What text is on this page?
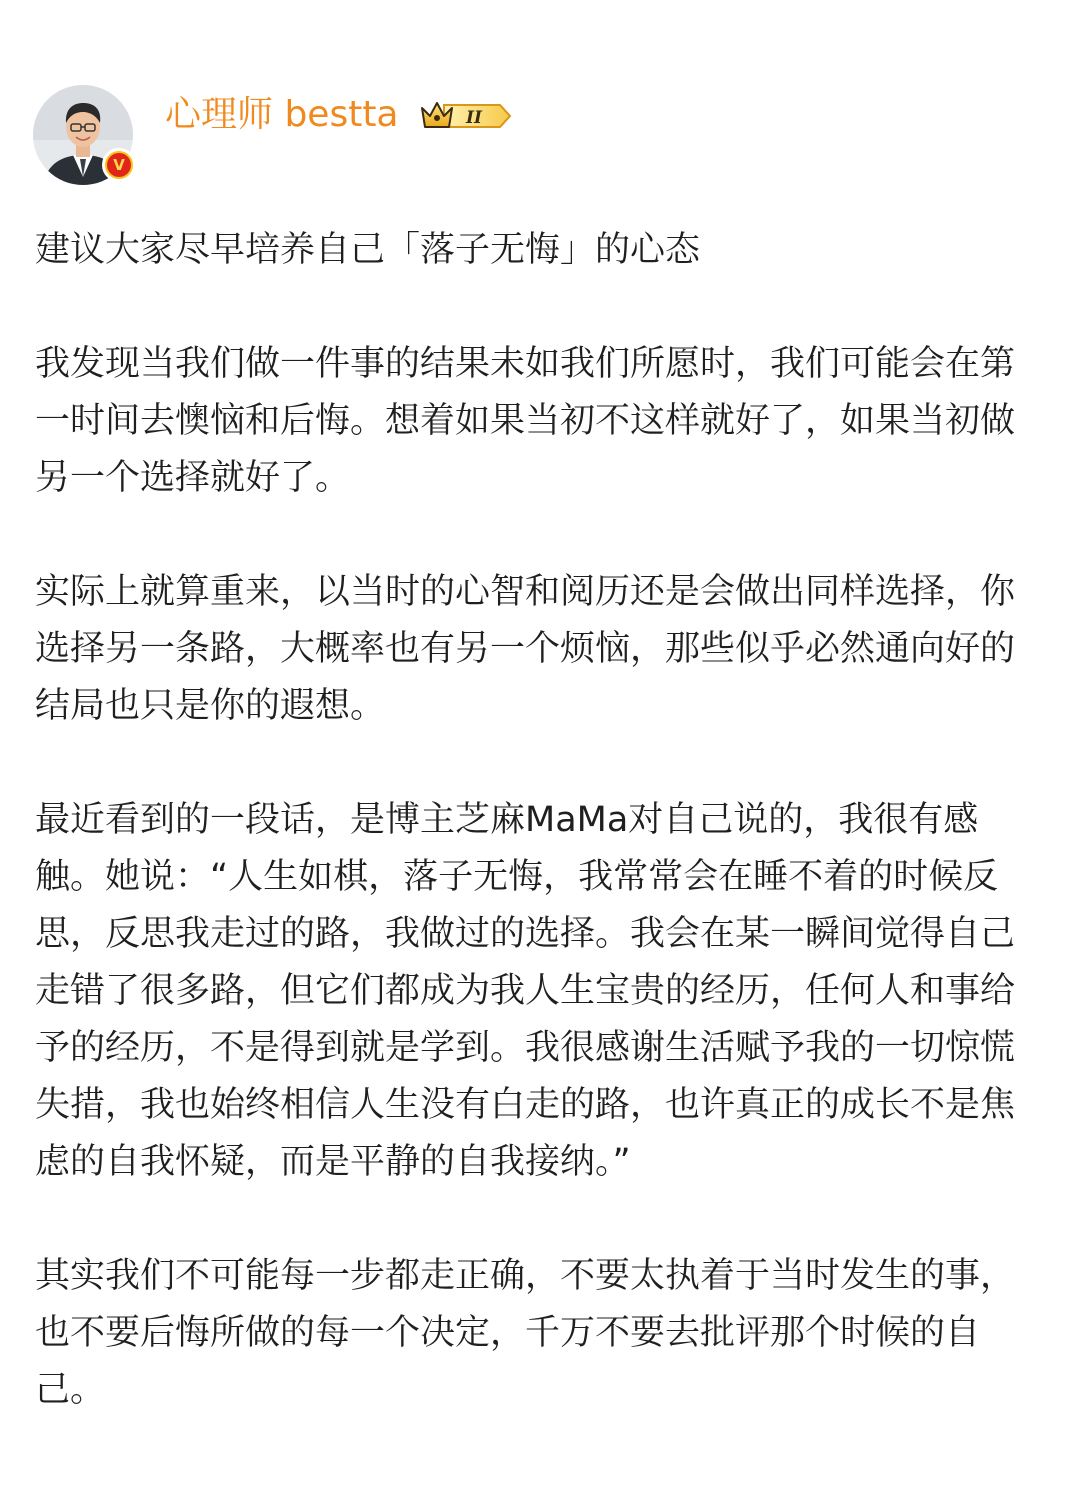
V
心理师 bestta	II

建议大家尽早培养自己「落子无悔」的心态

我发现当我们做一件事的结果未如我们所愿时，我们可能会在第一时间去懊恼和后悔。想着如果当初不这样就好了，如果当初做另一个选择就好了。

实际上就算重来，以当时的心智和阅历还是会做出同样选择，你选择另一条路，大概率也有另一个烦恼，那些似乎必然通向好的结局也只是你的遐想。

最近看到的一段话，是博主芝麻MaMa对自己说的，我很有感触。她说：“人生如棋，落子无悔，我常常会在睡不着的时候反思，反思我走过的路，我做过的选择。我会在某一瞬间觉得自己走错了很多路，但它们都成为我人生宝贵的经历，任何人和事给予的经历，不是得到就是学到。我很感谢生活赋予我的一切惊慌失措，我也始终相信人生没有白走的路，也许真正的成长不是焦虑的自我怀疑，而是平静的自我接纳。”

其实我们不可能每一步都走正确，不要太执着于当时发生的事，也不要后悔所做的每一个决定，千万不要去批评那个时候的自己。
